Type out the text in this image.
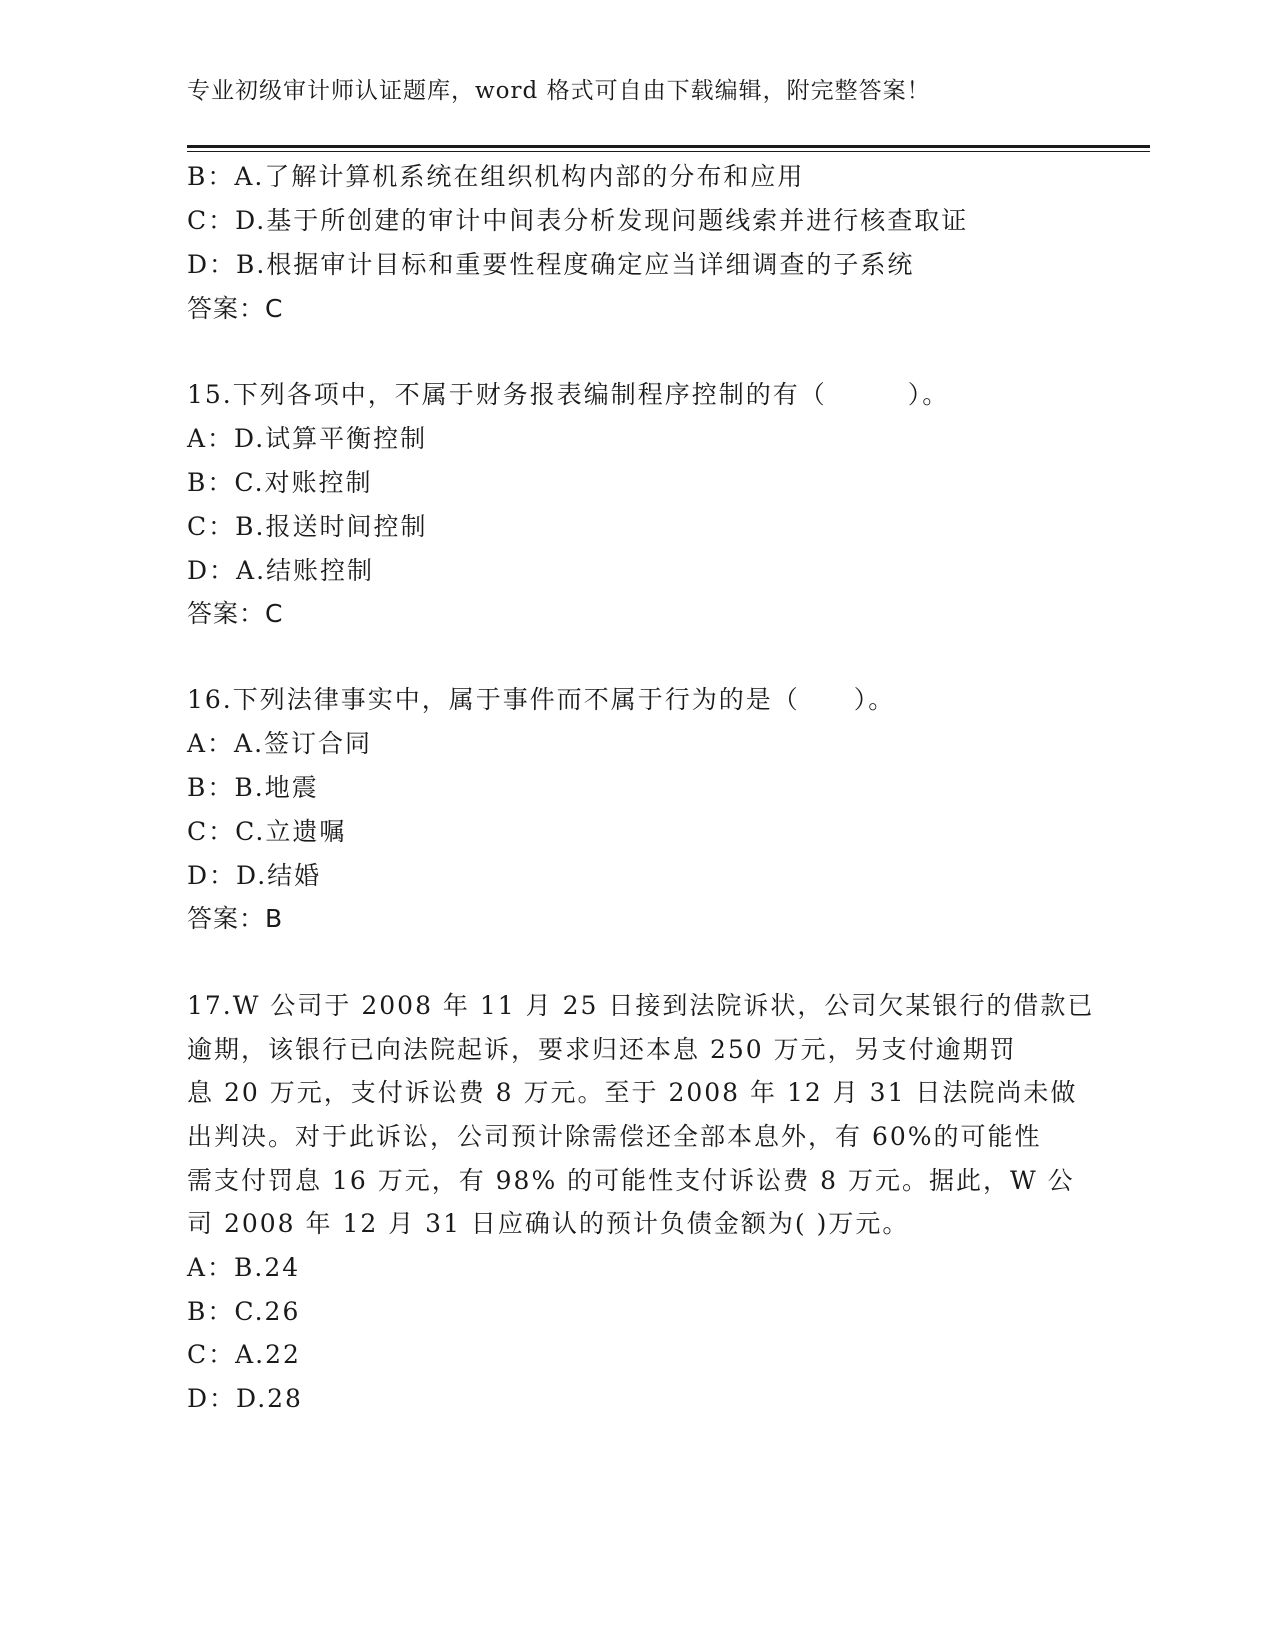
专业初级审计师认证题库，word 格式可自由下载编辑，附完整答案！
B：A.了解计算机系统在组织机构内部的分布和应用
C：D.基于所创建的审计中间表分析发现问题线索并进行核查取证
D：B.根据审计目标和重要性程度确定应当详细调查的子系统
答案：C
15.下列各项中，不属于财务报表编制程序控制的有（　　　）。
A：D.试算平衡控制
B：C.对账控制
C：B.报送时间控制
D：A.结账控制
答案：C
16.下列法律事实中，属于事件而不属于行为的是（　　）。
A：A.签订合同
B：B.地震
C：C.立遗嘱
D：D.结婚
答案：B
17.W 公司于 2008 年 11 月 25 日接到法院诉状，公司欠某银行的借款已
逾期，该银行已向法院起诉，要求归还本息 250 万元，另支付逾期罚
息 20 万元，支付诉讼费 8 万元。至于 2008 年 12 月 31 日法院尚未做
出判决。对于此诉讼，公司预计除需偿还全部本息外，有 60%的可能性
需支付罚息 16 万元，有 98% 的可能性支付诉讼费 8 万元。据此，W 公
司 2008 年 12 月 31 日应确认的预计负债金额为( )万元。
A：B.24
B：C.26
C：A.22
D：D.28
